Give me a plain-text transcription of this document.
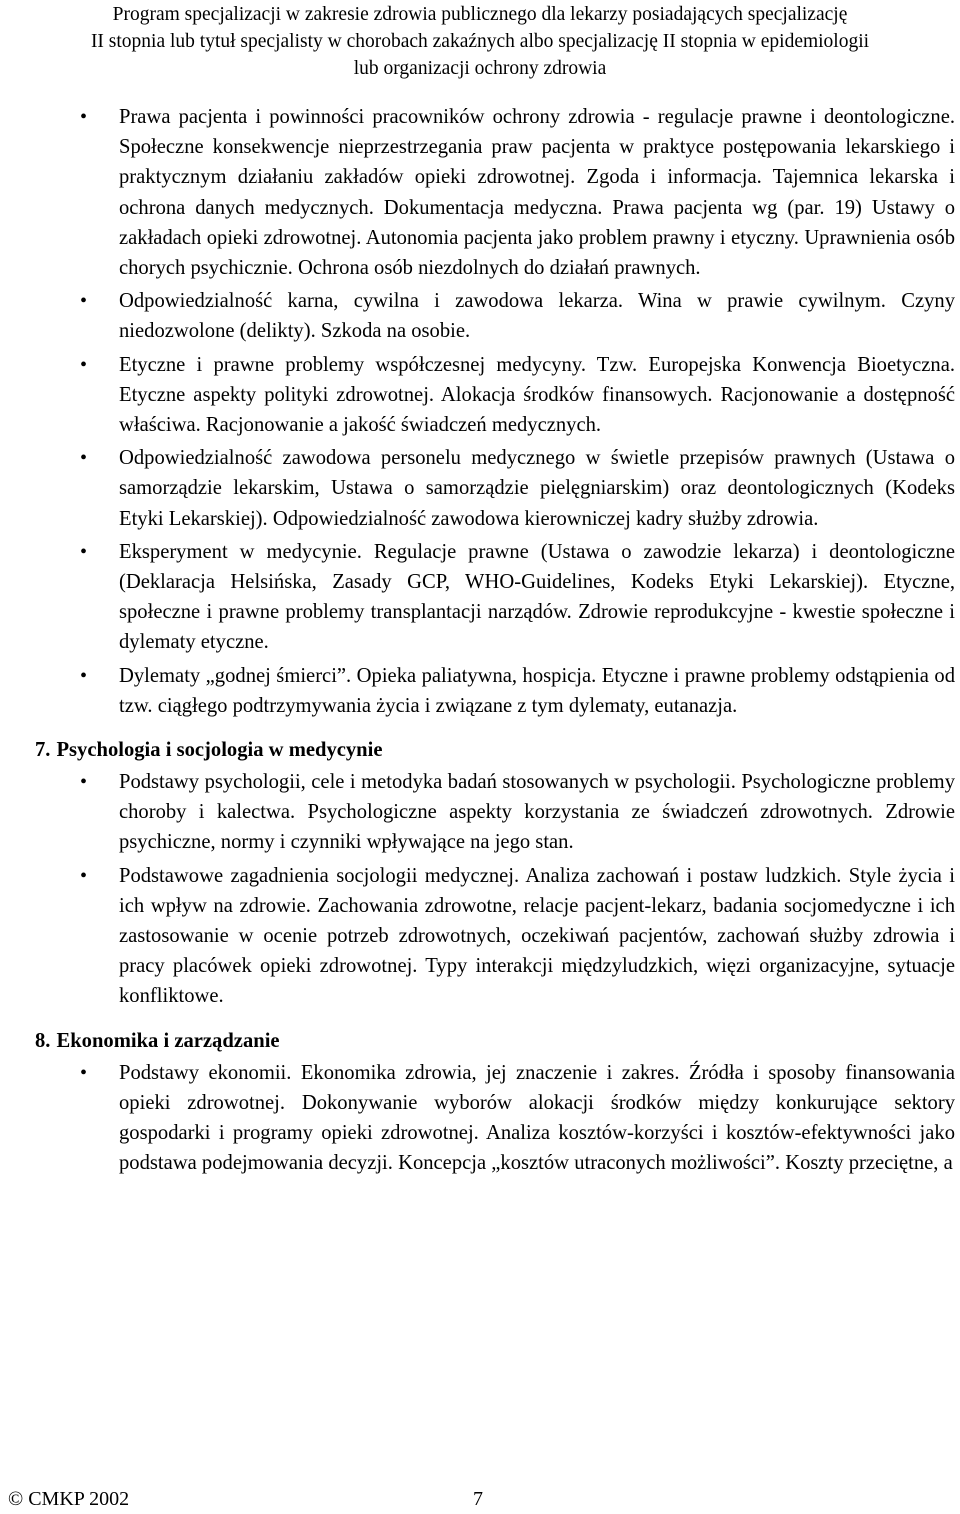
Program specjalizacji w zakresie zdrowia publicznego dla lekarzy posiadających specjalizację
II stopnia lub tytuł specjalisty w chorobach zakaźnych albo specjalizację II stopnia w epidemiologii
lub organizacji ochrony zdrowia
• Prawa pacjenta i powinności pracowników ochrony zdrowia - regulacje prawne i deontologiczne. Społeczne konsekwencje nieprzestrzegania praw pacjenta w praktyce postępowania lekarskiego i praktycznym działaniu zakładów opieki zdrowotnej. Zgoda i informacja. Tajemnica lekarska i ochrona danych medycznych. Dokumentacja medyczna. Prawa pacjenta wg (par. 19) Ustawy o zakładach opieki zdrowotnej. Autonomia pacjenta jako problem prawny i etyczny. Uprawnienia osób chorych psychicznie. Ochrona osób niezdolnych do działań prawnych.
• Odpowiedzialność karna, cywilna i zawodowa lekarza. Wina w prawie cywilnym. Czyny niedozwolone (delikty). Szkoda na osobie.
• Etyczne i prawne problemy współczesnej medycyny. Tzw. Europejska Konwencja Bioetyczna. Etyczne aspekty polityki zdrowotnej. Alokacja środków finansowych. Racjonowanie a dostępność właściwa. Racjonowanie a jakość świadczeń medycznych.
• Odpowiedzialność zawodowa personelu medycznego w świetle przepisów prawnych (Ustawa o samorządzie lekarskim, Ustawa o samorządzie pielęgniarskim) oraz deontologicznych (Kodeks Etyki Lekarskiej). Odpowiedzialność zawodowa kierowniczej kadry służby zdrowia.
• Eksperyment w medycynie. Regulacje prawne (Ustawa o zawodzie lekarza) i deontologiczne (Deklaracja Helsińska, Zasady GCP, WHO-Guidelines, Kodeks Etyki Lekarskiej). Etyczne, społeczne i prawne problemy transplantacji narządów. Zdrowie reprodukcyjne - kwestie społeczne i dylematy etyczne.
• Dylematy „godnej śmierci”. Opieka paliatywna, hospicja. Etyczne i prawne problemy odstąpienia od tzw. ciągłego podtrzymywania życia i związane z tym dylematy, eutanazja.
7. Psychologia i socjologia w medycynie
• Podstawy psychologii, cele i metodyka badań stosowanych w psychologii. Psychologiczne problemy choroby i kalectwa. Psychologiczne aspekty korzystania ze świadczeń zdrowotnych. Zdrowie psychiczne, normy i czynniki wpływające na jego stan.
• Podstawowe zagadnienia socjologii medycznej. Analiza zachowań i postaw ludzkich. Style życia i ich wpływ na zdrowie. Zachowania zdrowotne, relacje pacjent-lekarz, badania socjomedyczne i ich zastosowanie w ocenie potrzeb zdrowotnych, oczekiwań pacjentów, zachowań służby zdrowia i pracy placówek opieki zdrowotnej. Typy interakcji międzyludzkich, więzi organizacyjne, sytuacje konfliktowe.
8. Ekonomika i zarządzanie
• Podstawy ekonomii. Ekonomika zdrowia, jej znaczenie i zakres. Źródła i sposoby finansowania opieki zdrowotnej. Dokonywanie wyborów alokacji środków między konkurujące sektory gospodarki i programy opieki zdrowotnej. Analiza kosztów-korzyści i kosztów-efektywności jako podstawa podejmowania decyzji. Koncepcja „kosztów utraconych możliwości”. Koszty przeciętne, a
© CMKP 2002	7
